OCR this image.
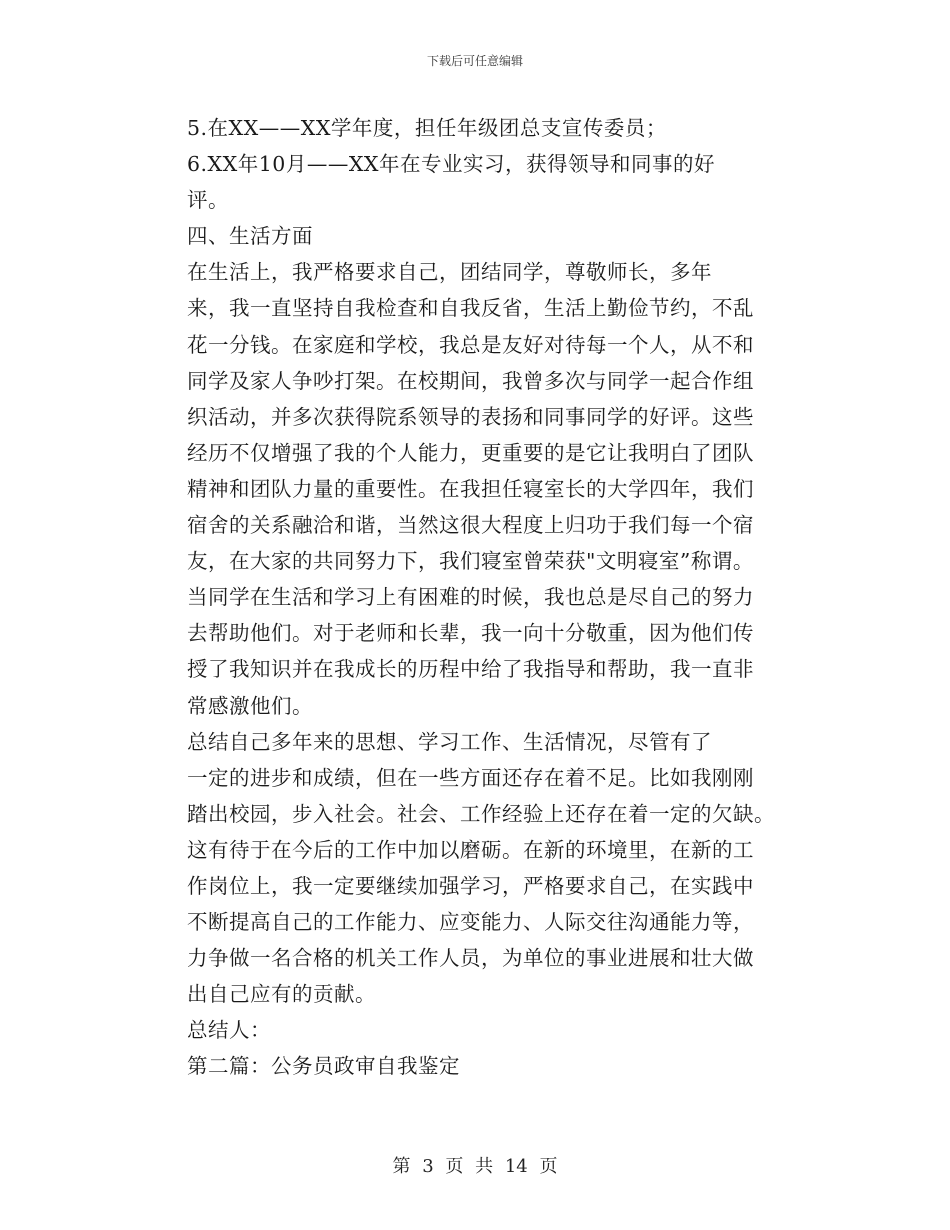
下载后可任意编辑
5.在XX——XX学年度，担任年级团总支宣传委员；
6.XX年10月——XX年在专业实习，获得领导和同事的好
评。
四、生活方面
在生活上，我严格要求自己，团结同学，尊敬师长，多年
来，我一直坚持自我检查和自我反省，生活上勤俭节约，不乱
花一分钱。在家庭和学校，我总是友好对待每一个人，从不和
同学及家人争吵打架。在校期间，我曾多次与同学一起合作组
织活动，并多次获得院系领导的表扬和同事同学的好评。这些
经历不仅增强了我的个人能力，更重要的是它让我明白了团队
精神和团队力量的重要性。在我担任寝室长的大学四年，我们
宿舍的关系融洽和谐，当然这很大程度上归功于我们每一个宿
友，在大家的共同努力下，我们寝室曾荣获"文明寝室”称谓。
当同学在生活和学习上有困难的时候，我也总是尽自己的努力
去帮助他们。对于老师和长辈，我一向十分敬重，因为他们传
授了我知识并在我成长的历程中给了我指导和帮助，我一直非
常感激他们。
总结自己多年来的思想、学习工作、生活情况，尽管有了
一定的进步和成绩，但在一些方面还存在着不足。比如我刚刚
踏出校园，步入社会。社会、工作经验上还存在着一定的欠缺。
这有待于在今后的工作中加以磨砺。在新的环境里，在新的工
作岗位上，我一定要继续加强学习，严格要求自己，在实践中
不断提高自己的工作能力、应变能力、人际交往沟通能力等，
力争做一名合格的机关工作人员，为单位的事业进展和壮大做
出自己应有的贡献。
总结人：
第二篇：公务员政审自我鉴定
第 3 页 共 14 页
